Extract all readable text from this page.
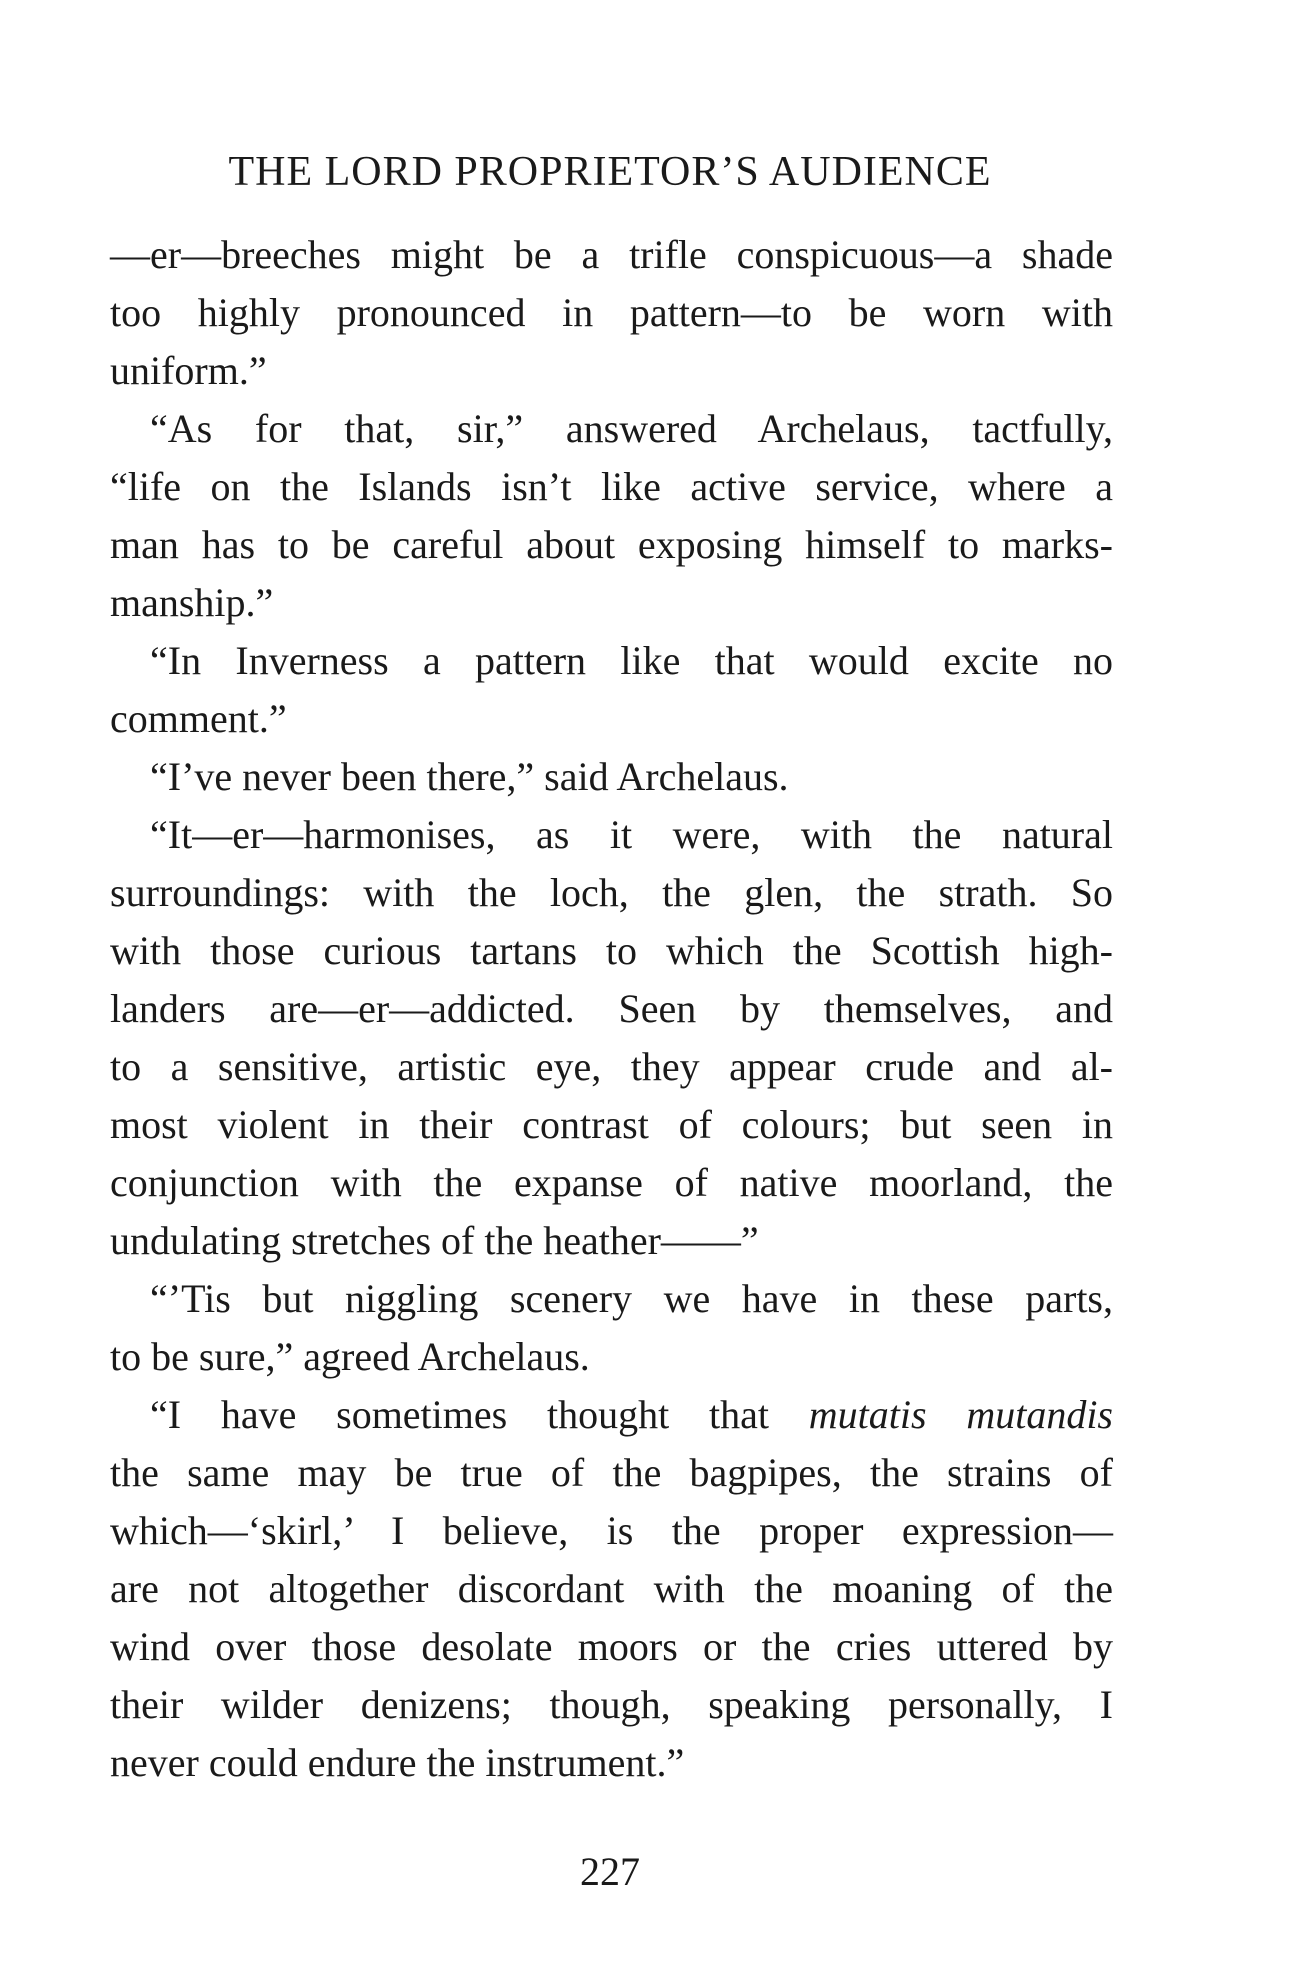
THE LORD PROPRIETOR’S AUDIENCE
—er—breeches might be a trifle conspicuous—a shade
too highly pronounced in pattern—to be worn with
uniform.”
“As for that, sir,” answered Archelaus, tactfully,
“life on the Islands isn’t like active service, where a
man has to be careful about exposing himself to marks-
manship.”
“In Inverness a pattern like that would excite no
comment.”
“I’ve never been there,” said Archelaus.
“It—er—harmonises, as it were, with the natural
surroundings: with the loch, the glen, the strath. So
with those curious tartans to which the Scottish high-
landers are—er—addicted. Seen by themselves, and
to a sensitive, artistic eye, they appear crude and al-
most violent in their contrast of colours; but seen in
conjunction with the expanse of native moorland, the
undulating stretches of the heather——”
“’Tis but niggling scenery we have in these parts,
to be sure,” agreed Archelaus.
“I have sometimes thought that mutatis mutandis
the same may be true of the bagpipes, the strains of
which—‘skirl,’ I believe, is the proper expression—
are not altogether discordant with the moaning of the
wind over those desolate moors or the cries uttered by
their wilder denizens; though, speaking personally, I
never could endure the instrument.”
227
